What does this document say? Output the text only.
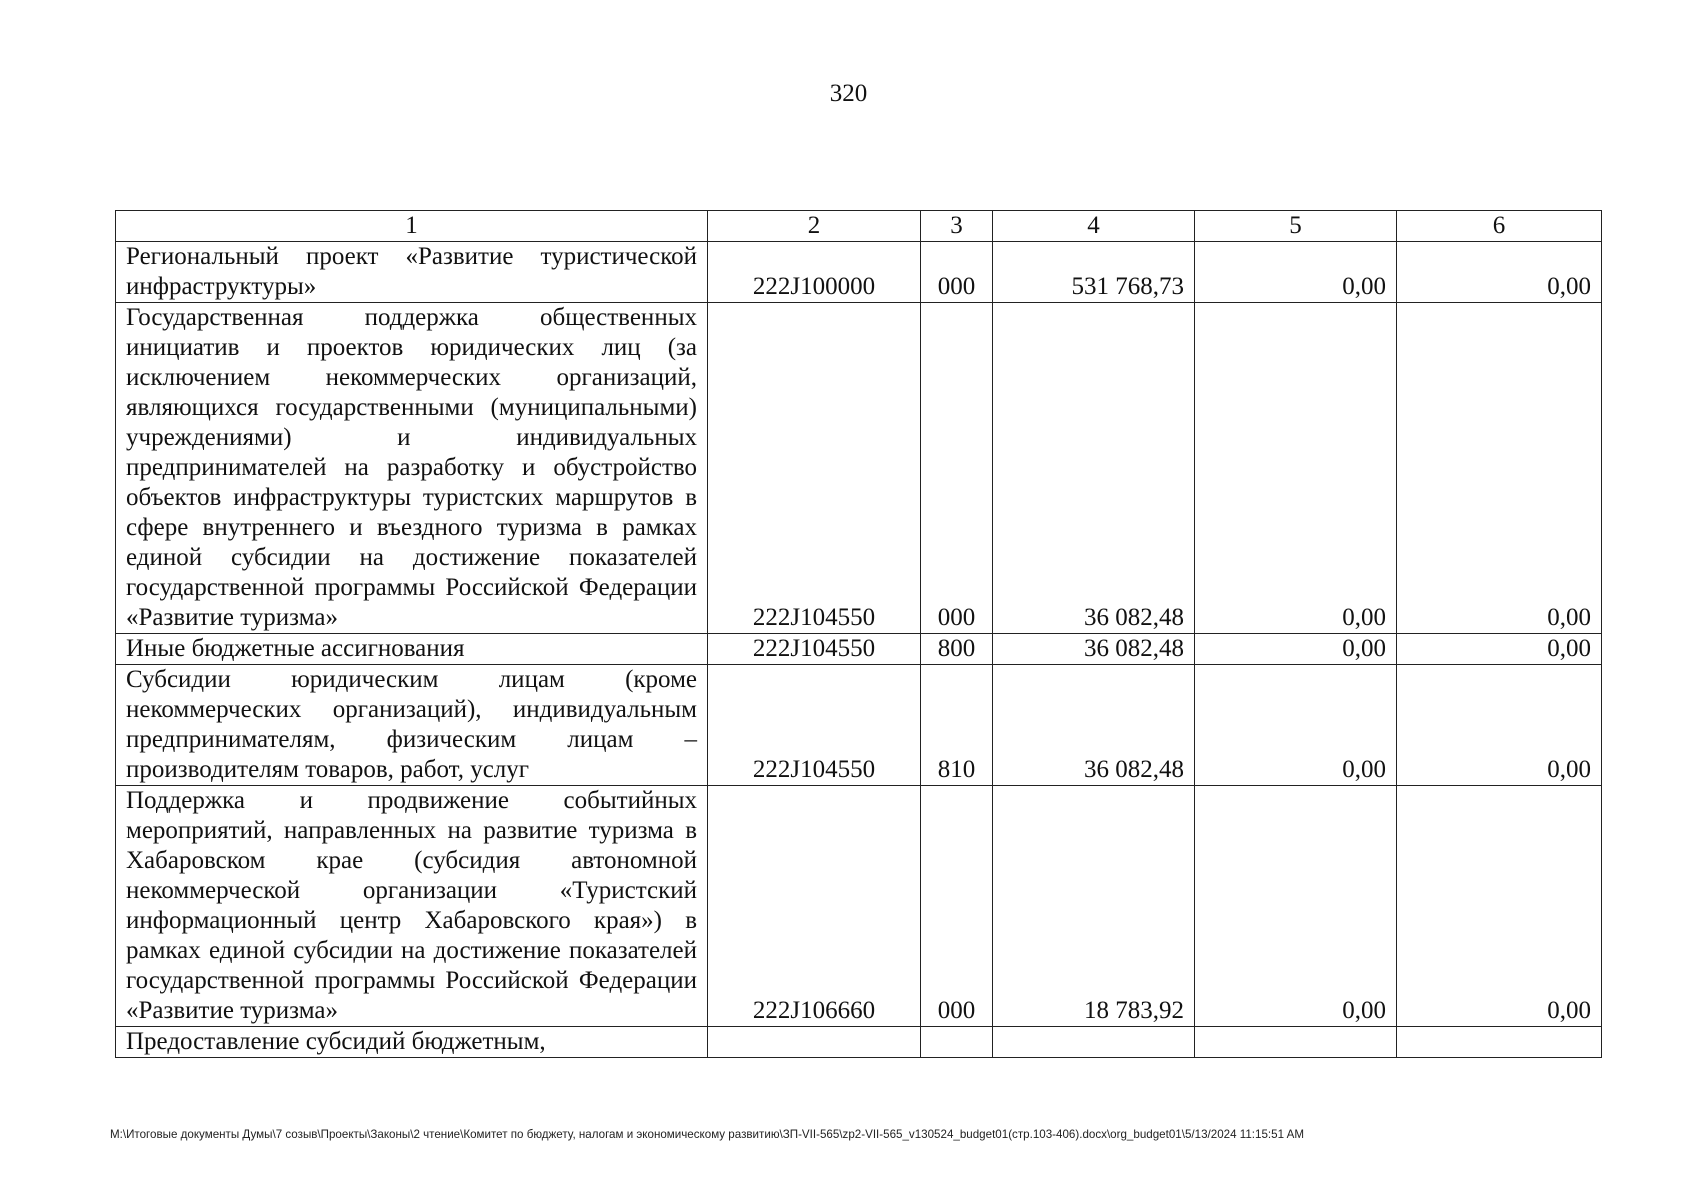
320
1	2	3	4	5	6
Региональный проект «Развитие туристической инфраструктуры»	222J100000	000	531 768,73	0,00	0,00
Государственная поддержка общественных инициатив и проектов юридических лиц (за исключением некоммерческих организаций, являющихся государственными (муниципальными) учреждениями) и индивидуальных предпринимателей на разработку и обустройство объектов инфраструктуры туристских маршрутов в сфере внутреннего и въездного туризма в рамках единой субсидии на достижение показателей государственной программы Российской Федерации «Развитие туризма»	222J104550	000	36 082,48	0,00	0,00
Иные бюджетные ассигнования	222J104550	800	36 082,48	0,00	0,00
Субсидии юридическим лицам (кроме некоммерческих организаций), индивидуальным предпринимателям, физическим лицам – производителям товаров, работ, услуг	222J104550	810	36 082,48	0,00	0,00
Поддержка и продвижение событийных мероприятий, направленных на развитие туризма в Хабаровском крае (субсидия автономной некоммерческой организации «Туристский информационный центр Хабаровского края») в рамках единой субсидии на достижение показателей государственной программы Российской Федерации «Развитие туризма»	222J106660	000	18 783,92	0,00	0,00
Предоставление субсидий бюджетным,					
M:\Итоговые документы Думы\7 созыв\Проекты\Законы\2 чтение\Комитет по бюджету, налогам и экономическому развитию\ЗП-VII-565\zp2-VII-565_v130524_budget01(стр.103-406).docx\org_budget01\5/13/2024 11:15:51 AM
